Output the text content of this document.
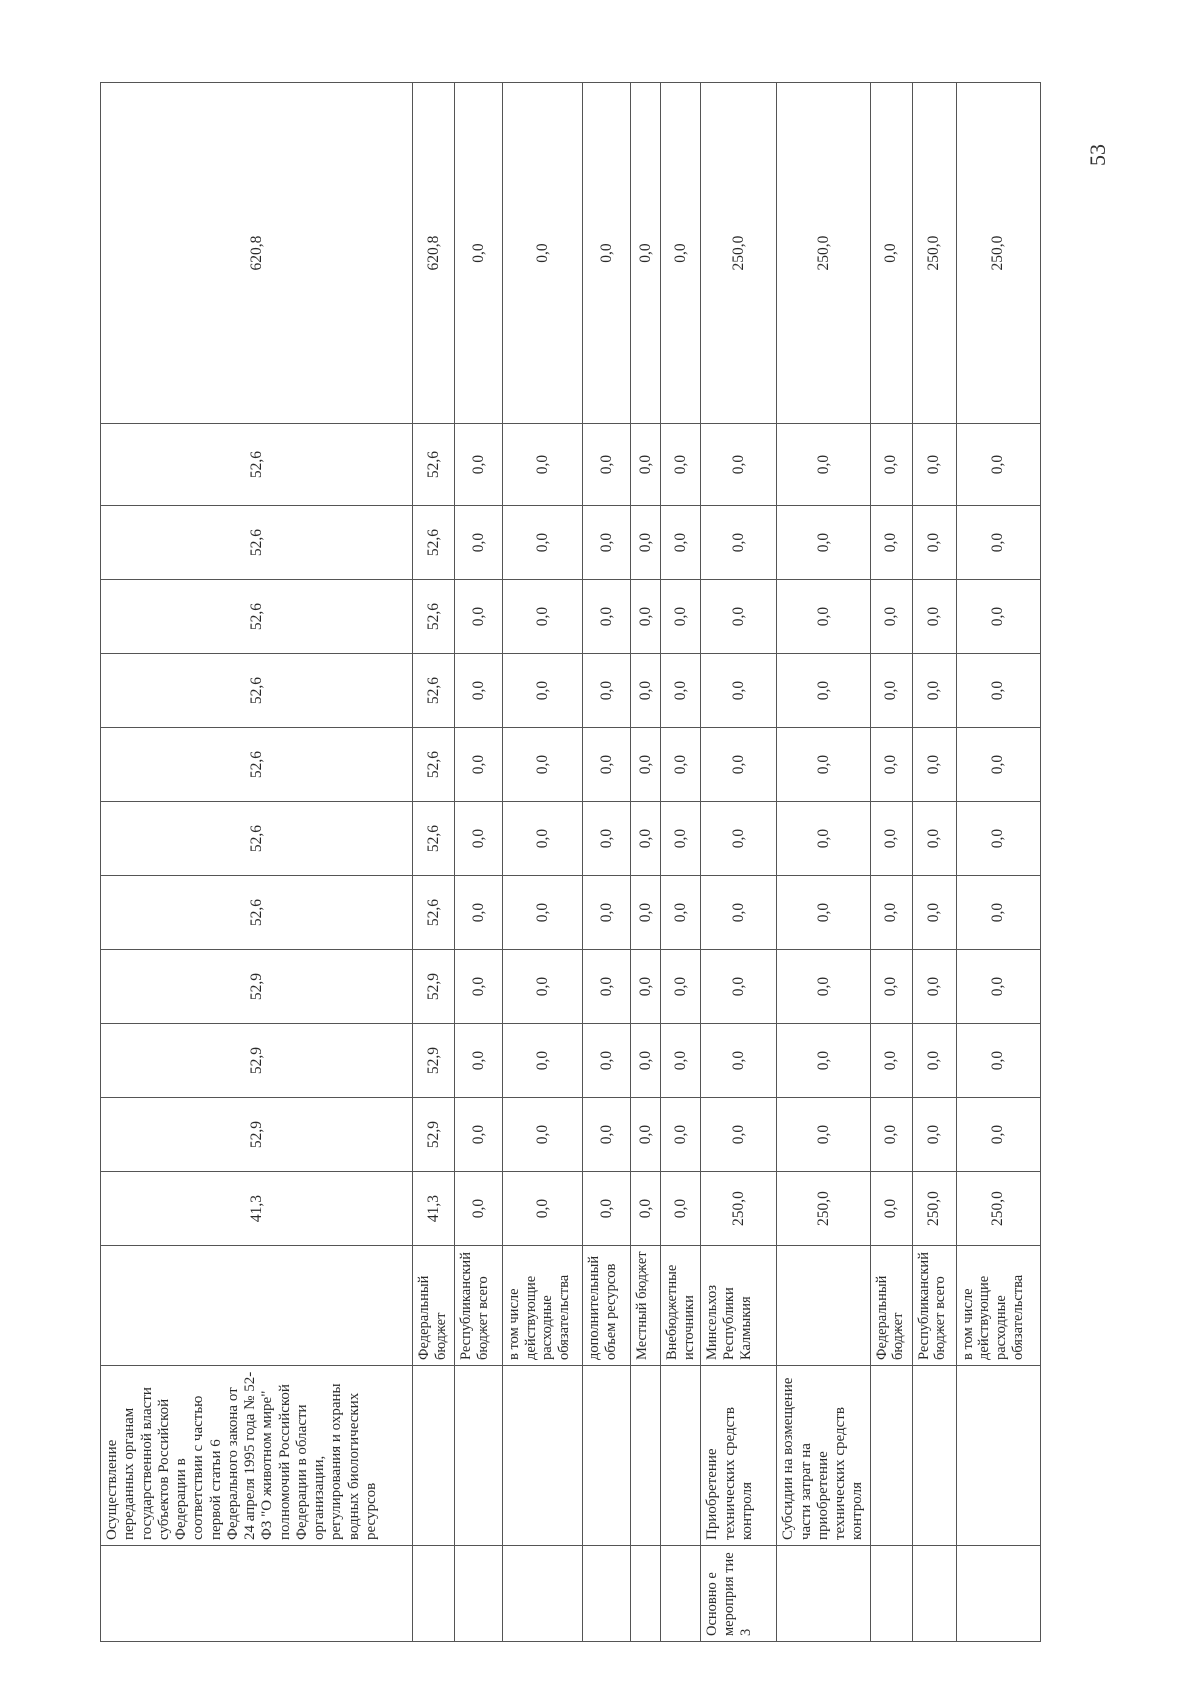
53
	Осуществление переданных органам государственной власти субъектов Российской Федерации в соответствии с частью первой статьи 6 Федерального закона от 24 апреля 1995 года № 52-ФЗ "О животном мире" полномочий Российской Федерации в области организации, регулирования и охраны водных биологических ресурсов		41,3	52,9	52,9	52,9	52,6	52,6	52,6	52,6	52,6	52,6	52,6	620,8
		Федеральный бюджет	41,3	52,9	52,9	52,9	52,6	52,6	52,6	52,6	52,6	52,6	52,6	620,8
		Республиканский бюджет всего	0,0	0,0	0,0	0,0	0,0	0,0	0,0	0,0	0,0	0,0	0,0	0,0
		в том числе действующие расходные обязательства	0,0	0,0	0,0	0,0	0,0	0,0	0,0	0,0	0,0	0,0	0,0	0,0
		дополнительный объем ресурсов	0,0	0,0	0,0	0,0	0,0	0,0	0,0	0,0	0,0	0,0	0,0	0,0
		Местный бюджет	0,0	0,0	0,0	0,0	0,0	0,0	0,0	0,0	0,0	0,0	0,0	0,0
		Внебюджетные источники	0,0	0,0	0,0	0,0	0,0	0,0	0,0	0,0	0,0	0,0	0,0	0,0
Основно е мероприя тие 3	Приобретение технических средств контроля	Минсельхоз Республики Калмыкия	250,0	0,0	0,0	0,0	0,0	0,0	0,0	0,0	0,0	0,0	0,0	250,0
	Субсидии на возмещение части затрат на приобретение технических средств контроля		250,0	0,0	0,0	0,0	0,0	0,0	0,0	0,0	0,0	0,0	0,0	250,0
		Федеральный бюджет	0,0	0,0	0,0	0,0	0,0	0,0	0,0	0,0	0,0	0,0	0,0	0,0
		Республиканский бюджет всего	250,0	0,0	0,0	0,0	0,0	0,0	0,0	0,0	0,0	0,0	0,0	250,0
		в том числе действующие расходные обязательства	250,0	0,0	0,0	0,0	0,0	0,0	0,0	0,0	0,0	0,0	0,0	250,0
